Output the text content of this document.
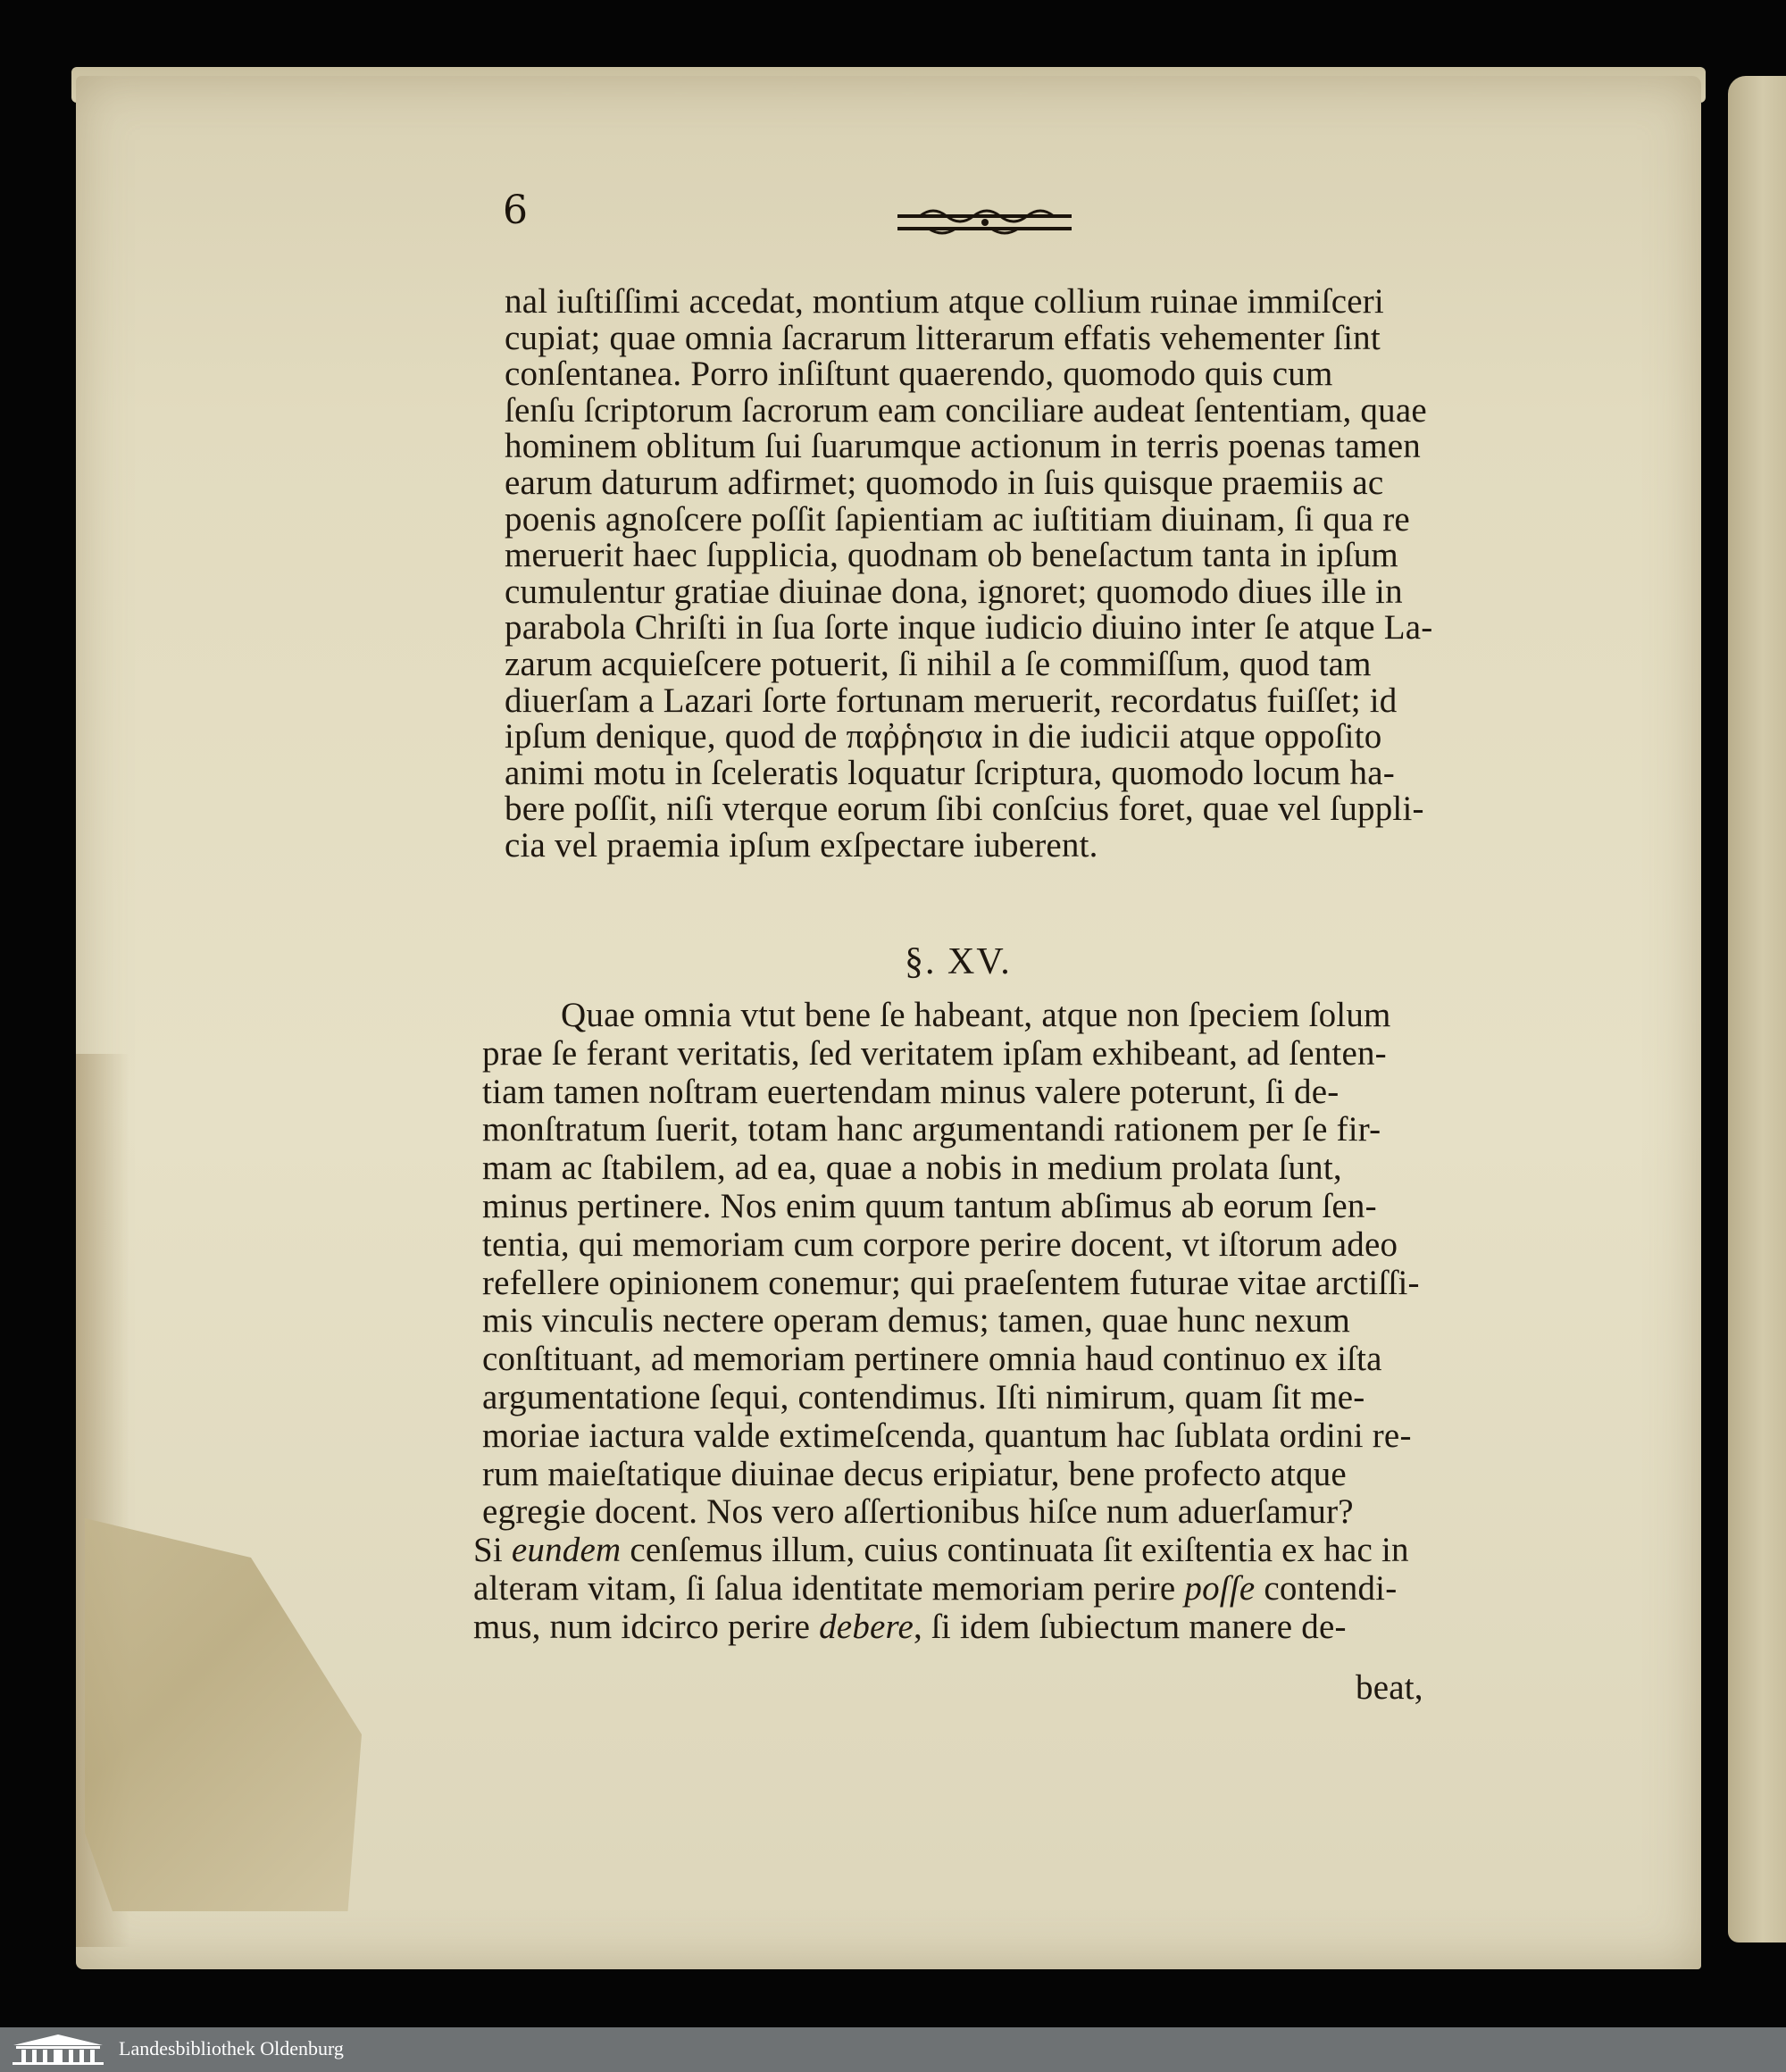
6
nal iuſtiſſimi accedat, montium atque collium ruinae immiſceri
cupiat; quae omnia ſacrarum litterarum effatis vehementer ſint
conſentanea. Porro inſiſtunt quaerendo, quomodo quis cum
ſenſu ſcriptorum ſacrorum eam conciliare audeat ſententiam, quae
hominem oblitum ſui ſuarumque actionum in terris poenas tamen
earum daturum adfirmet; quomodo in ſuis quisque praemiis ac
poenis agnoſcere poſſit ſapientiam ac iuſtitiam diuinam, ſi qua re
meruerit haec ſupplicia, quodnam ob beneſactum tanta in ipſum
cumulentur gratiae diuinae dona, ignoret; quomodo diues ille in
parabola Chriſti in ſua ſorte inque iudicio diuino inter ſe atque La-
zarum acquieſcere potuerit, ſi nihil a ſe commiſſum, quod tam
diuerſam a Lazari ſorte fortunam meruerit, recordatus fuiſſet; id
ipſum denique, quod de παῤῥησια in die iudicii atque oppoſito
animi motu in ſceleratis loquatur ſcriptura, quomodo locum ha-
bere poſſit, niſi vterque eorum ſibi conſcius foret, quae vel ſuppli-
cia vel praemia ipſum exſpectare iuberent.
§. XV.
Quae omnia vtut bene ſe habeant, atque non ſpeciem ſolum
prae ſe ferant veritatis, ſed veritatem ipſam exhibeant, ad ſenten-
tiam tamen noſtram euertendam minus valere poterunt, ſi de-
monſtratum ſuerit, totam hanc argumentandi rationem per ſe fir-
mam ac ſtabilem, ad ea, quae a nobis in medium prolata ſunt,
minus pertinere. Nos enim quum tantum abſimus ab eorum ſen-
tentia, qui memoriam cum corpore perire docent, vt iſtorum adeo
refellere opinionem conemur; qui praeſentem futurae vitae arctiſſi-
mis vinculis nectere operam demus; tamen, quae hunc nexum
conſtituant, ad memoriam pertinere omnia haud continuo ex iſta
argumentatione ſequi, contendimus. Iſti nimirum, quam ſit me-
moriae iactura valde extimeſcenda, quantum hac ſublata ordini re-
rum maieſtatique diuinae decus eripiatur, bene profecto atque
egregie docent. Nos vero aſſertionibus hiſce num aduerſamur?
Si eundem cenſemus illum, cuius continuata ſit exiſtentia ex hac in
alteram vitam, ſi ſalua identitate memoriam perire poſſe contendi-
mus, num idcirco perire debere, ſi idem ſubiectum manere de-
beat,
Landesbibliothek Oldenburg
